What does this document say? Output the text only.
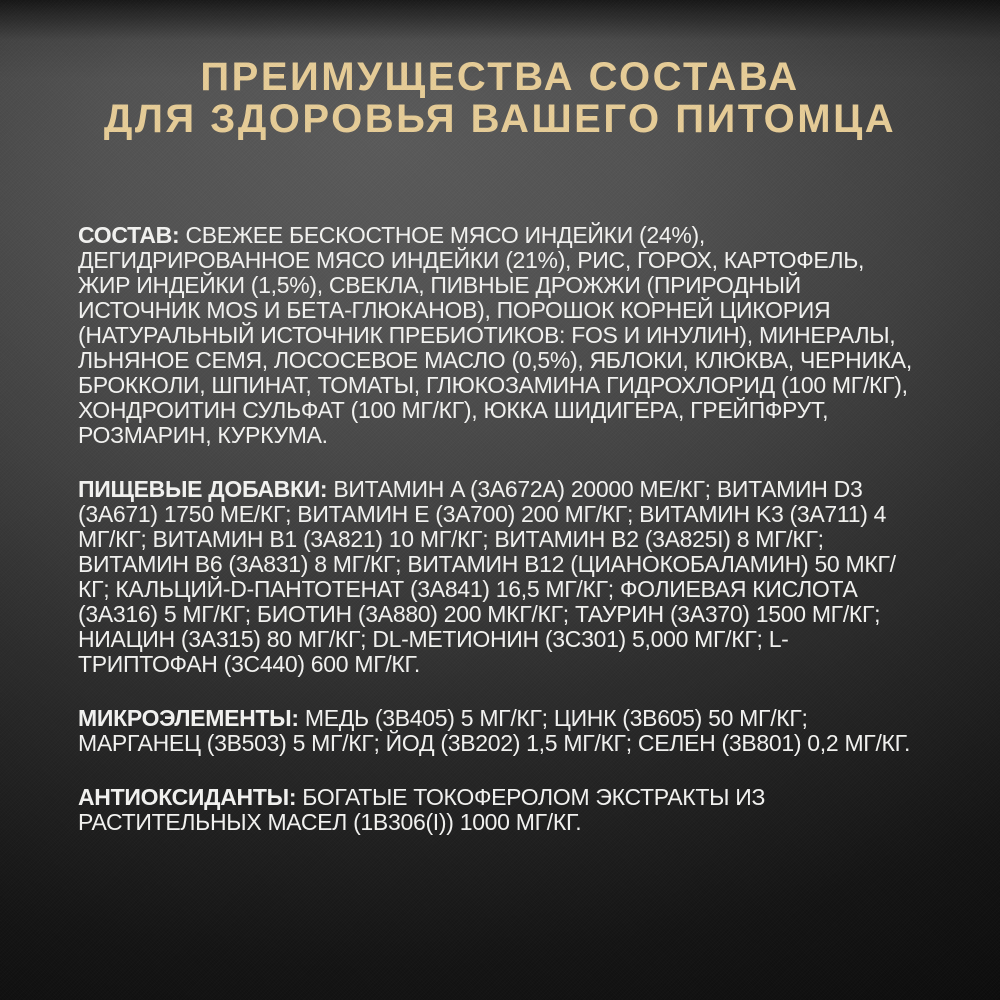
ПРЕИМУЩЕСТВА СОСТАВА
ДЛЯ ЗДОРОВЬЯ ВАШЕГО ПИТОМЦА

СОСТАВ: СВЕЖЕЕ БЕСКОСТНОЕ МЯСО ИНДЕЙКИ (24%), ДЕГИДРИРОВАННОЕ МЯСО ИНДЕЙКИ (21%), РИС, ГОРОХ, КАРТОФЕЛЬ, ЖИР ИНДЕЙКИ (1,5%), СВЕКЛА, ПИВНЫЕ ДРОЖЖИ (ПРИРОДНЫЙ ИСТОЧНИК MOS И БЕТА-ГЛЮКАНОВ), ПОРОШОК КОРНЕЙ ЦИКОРИЯ (НАТУРАЛЬНЫЙ ИСТОЧНИК ПРЕБИОТИКОВ: FOS И ИНУЛИН), МИНЕРАЛЫ, ЛЬНЯНОЕ СЕМЯ, ЛОСОСЕВОЕ МАСЛО (0,5%), ЯБЛОКИ, КЛЮКВА, ЧЕРНИКА, БРОККОЛИ, ШПИНАТ, ТОМАТЫ, ГЛЮКОЗАМИНА ГИДРОХЛОРИД (100 МГ/КГ), ХОНДРОИТИН СУЛЬФАТ (100 МГ/КГ), ЮККА ШИДИГЕРА, ГРЕЙПФРУТ, РОЗМАРИН, КУРКУМА.

ПИЩЕВЫЕ ДОБАВКИ: ВИТАМИН A (3A672A) 20000 МЕ/КГ; ВИТАМИН D3 (3A671) 1750 МЕ/КГ; ВИТАМИН E (3A700) 200 МГ/КГ; ВИТАМИН K3 (3A711) 4 МГ/КГ; ВИТАМИН B1 (3A821) 10 МГ/КГ; ВИТАМИН B2 (3A825I) 8 МГ/КГ; ВИТАМИН B6 (3A831) 8 МГ/КГ; ВИТАМИН B12 (ЦИАНОКОБАЛАМИН) 50 МКГ/КГ; КАЛЬЦИЙ-D-ПАНТОТЕНАТ (3A841) 16,5 МГ/КГ; ФОЛИЕВАЯ КИСЛОТА (3A316) 5 МГ/КГ; БИОТИН (3A880) 200 МКГ/КГ; ТАУРИН (3A370) 1500 МГ/КГ; НИАЦИН (3A315) 80 МГ/КГ; DL-МЕТИОНИН (3C301) 5,000 МГ/КГ; L-ТРИПТОФАН (3C440) 600 МГ/КГ.

МИКРОЭЛЕМЕНТЫ: МЕДЬ (3B405) 5 МГ/КГ; ЦИНК (3B605) 50 МГ/КГ; МАРГАНЕЦ (3B503) 5 МГ/КГ; ЙОД (3B202) 1,5 МГ/КГ; СЕЛЕН (3B801) 0,2 МГ/КГ.

АНТИОКСИДАНТЫ: БОГАТЫЕ ТОКОФЕРОЛОМ ЭКСТРАКТЫ ИЗ РАСТИТЕЛЬНЫХ МАСЕЛ (1B306(I)) 1000 МГ/КГ.
